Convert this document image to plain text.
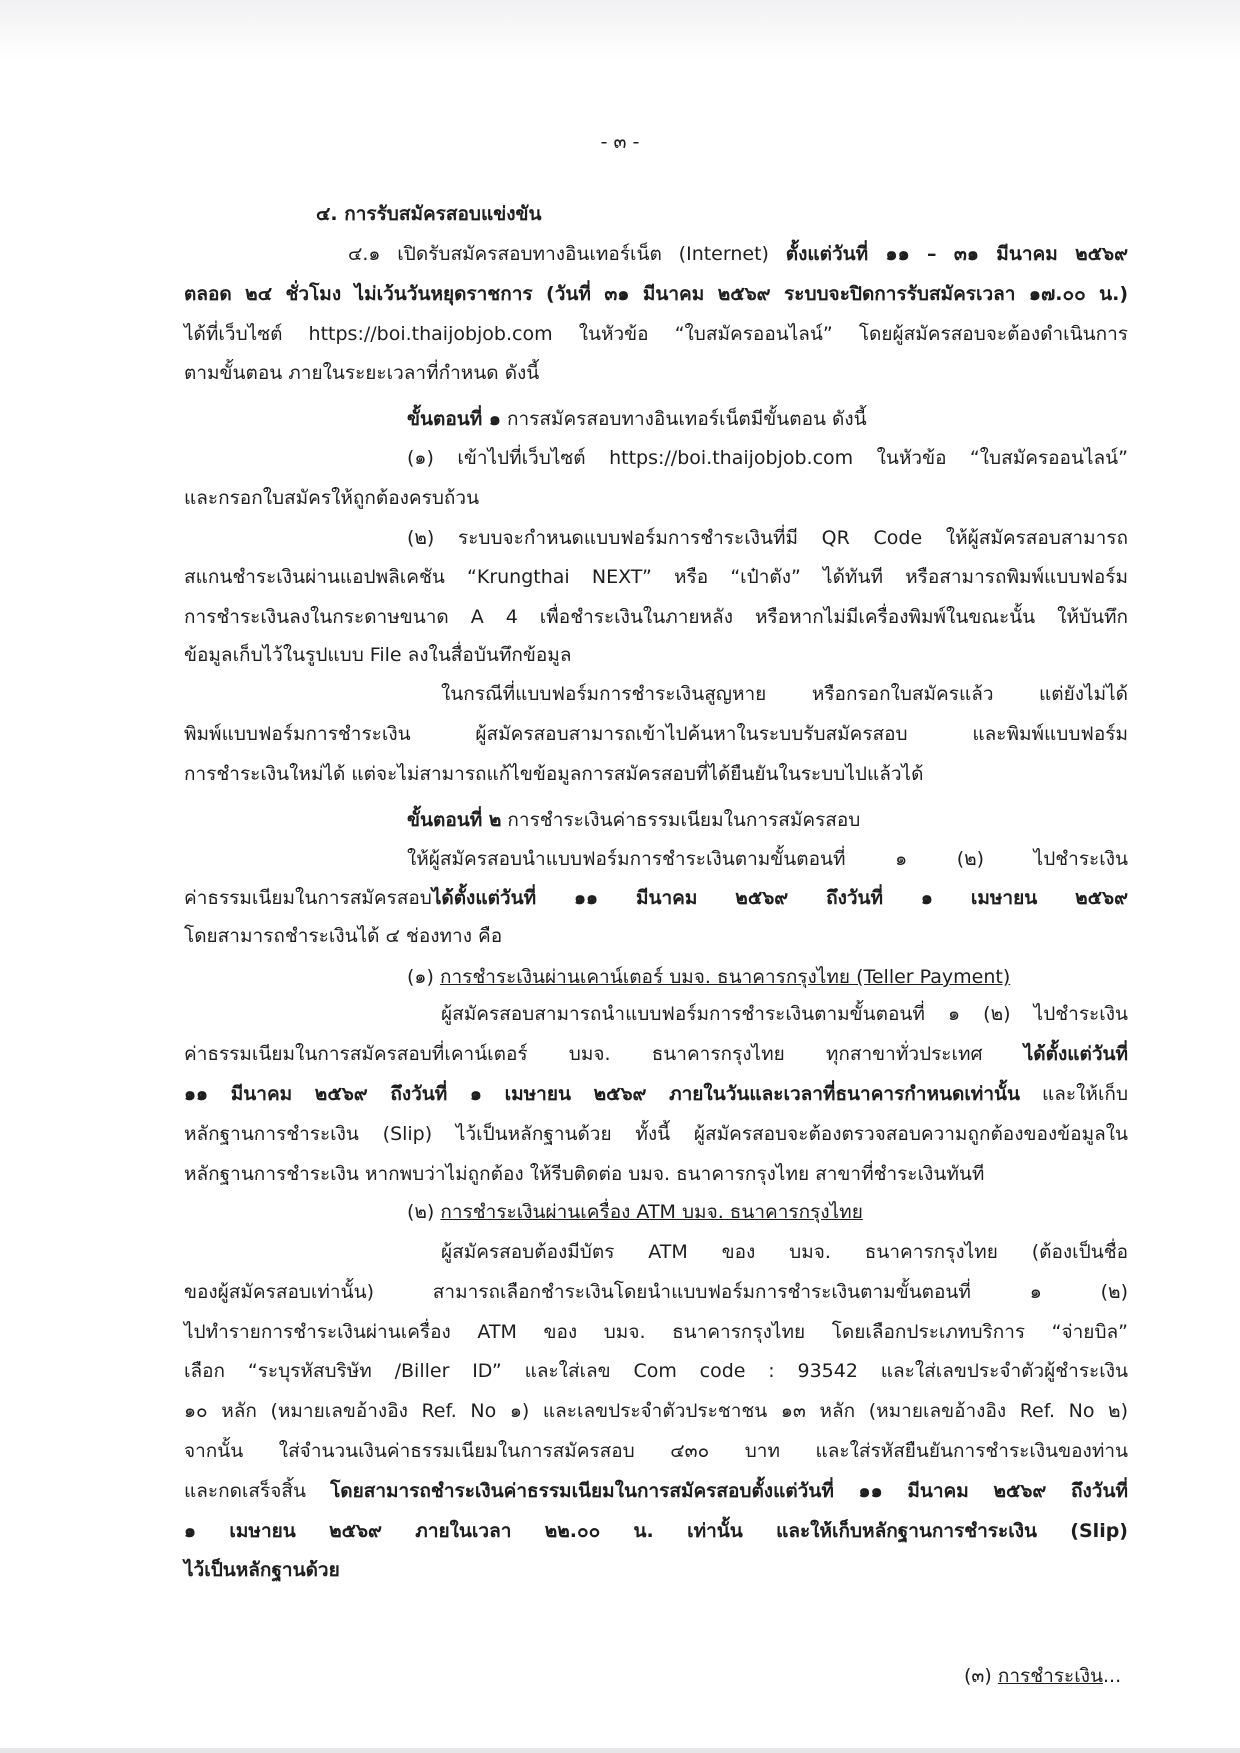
- ๓ -
๔. การรับสมัครสอบแข่งขัน
๔.๑ เปิดรับสมัครสอบทางอินเทอร์เน็ต (Internet) ตั้งแต่วันที่ ๑๑ – ๓๑ มีนาคม ๒๕๖๙
ตลอด ๒๔ ชั่วโมง ไม่เว้นวันหยุดราชการ (วันที่ ๓๑ มีนาคม ๒๕๖๙ ระบบจะปิดการรับสมัครเวลา ๑๗.๐๐ น.)
ได้ที่เว็บไซต์ https://boi.thaijobjob.com ในหัวข้อ “ใบสมัครออนไลน์” โดยผู้สมัครสอบจะต้องดำเนินการ
ตามขั้นตอน ภายในระยะเวลาที่กำหนด ดังนี้
ขั้นตอนที่ ๑ การสมัครสอบทางอินเทอร์เน็ตมีขั้นตอน ดังนี้
(๑) เข้าไปที่เว็บไซต์ https://boi.thaijobjob.com ในหัวข้อ “ใบสมัครออนไลน์”
และกรอกใบสมัครให้ถูกต้องครบถ้วน
(๒) ระบบจะกำหนดแบบฟอร์มการชำระเงินที่มี QR Code ให้ผู้สมัครสอบสามารถ
สแกนชำระเงินผ่านแอปพลิเคชัน “Krungthai NEXT” หรือ “เป๋าตัง” ได้ทันที หรือสามารถพิมพ์แบบฟอร์ม
การชำระเงินลงในกระดาษขนาด A 4 เพื่อชำระเงินในภายหลัง หรือหากไม่มีเครื่องพิมพ์ในขณะนั้น ให้บันทึก
ข้อมูลเก็บไว้ในรูปแบบ File ลงในสื่อบันทึกข้อมูล
ในกรณีที่แบบฟอร์มการชำระเงินสูญหาย หรือกรอกใบสมัครแล้ว แต่ยังไม่ได้
พิมพ์แบบฟอร์มการชำระเงิน ผู้สมัครสอบสามารถเข้าไปค้นหาในระบบรับสมัครสอบ และพิมพ์แบบฟอร์ม
การชำระเงินใหม่ได้ แต่จะไม่สามารถแก้ไขข้อมูลการสมัครสอบที่ได้ยืนยันในระบบไปแล้วได้
ขั้นตอนที่ ๒ การชำระเงินค่าธรรมเนียมในการสมัครสอบ
ให้ผู้สมัครสอบนำแบบฟอร์มการชำระเงินตามขั้นตอนที่ ๑ (๒) ไปชำระเงิน
ค่าธรรมเนียมในการสมัครสอบได้ตั้งแต่วันที่ ๑๑ มีนาคม ๒๕๖๙ ถึงวันที่ ๑ เมษายน ๒๕๖๙
โดยสามารถชำระเงินได้ ๔ ช่องทาง คือ
(๑) การชำระเงินผ่านเคาน์เตอร์ บมจ. ธนาคารกรุงไทย (Teller Payment)
ผู้สมัครสอบสามารถนำแบบฟอร์มการชำระเงินตามขั้นตอนที่ ๑ (๒) ไปชำระเงิน
ค่าธรรมเนียมในการสมัครสอบที่เคาน์เตอร์ บมจ. ธนาคารกรุงไทย ทุกสาขาทั่วประเทศ ได้ตั้งแต่วันที่
๑๑ มีนาคม ๒๕๖๙ ถึงวันที่ ๑ เมษายน ๒๕๖๙ ภายในวันและเวลาที่ธนาคารกำหนดเท่านั้น และให้เก็บ
หลักฐานการชำระเงิน (Slip) ไว้เป็นหลักฐานด้วย ทั้งนี้ ผู้สมัครสอบจะต้องตรวจสอบความถูกต้องของข้อมูลใน
หลักฐานการชำระเงิน หากพบว่าไม่ถูกต้อง ให้รีบติดต่อ บมจ. ธนาคารกรุงไทย สาขาที่ชำระเงินทันที
(๒) การชำระเงินผ่านเครื่อง ATM บมจ. ธนาคารกรุงไทย
ผู้สมัครสอบต้องมีบัตร ATM ของ บมจ. ธนาคารกรุงไทย (ต้องเป็นชื่อ
ของผู้สมัครสอบเท่านั้น) สามารถเลือกชำระเงินโดยนำแบบฟอร์มการชำระเงินตามขั้นตอนที่ ๑ (๒)
ไปทำรายการชำระเงินผ่านเครื่อง ATM ของ บมจ. ธนาคารกรุงไทย โดยเลือกประเภทบริการ “จ่ายบิล”
เลือก “ระบุรหัสบริษัท /Biller ID” และใส่เลข Com code : 93542 และใส่เลขประจำตัวผู้ชำระเงิน
๑๐ หลัก (หมายเลขอ้างอิง Ref. No ๑) และเลขประจำตัวประชาชน ๑๓ หลัก (หมายเลขอ้างอิง Ref. No ๒)
จากนั้น ใส่จำนวนเงินค่าธรรมเนียมในการสมัครสอบ ๔๓๐ บาท และใส่รหัสยืนยันการชำระเงินของท่าน
และกดเสร็จสิ้น โดยสามารถชำระเงินค่าธรรมเนียมในการสมัครสอบตั้งแต่วันที่ ๑๑ มีนาคม ๒๕๖๙ ถึงวันที่
๑ เมษายน ๒๕๖๙ ภายในเวลา ๒๒.๐๐ น. เท่านั้น และให้เก็บหลักฐานการชำระเงิน (Slip)
ไว้เป็นหลักฐานด้วย
(๓) การชำระเงิน...
